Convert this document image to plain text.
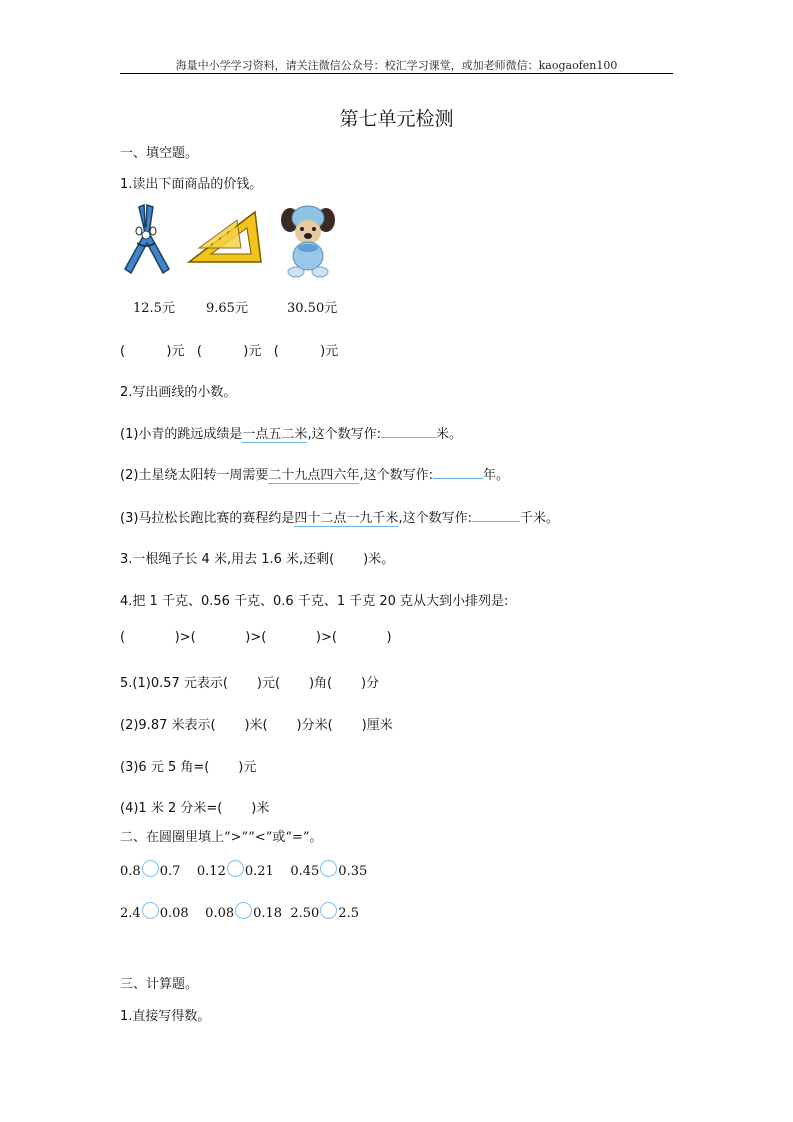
海量中小学学习资料，请关注微信公众号：校汇学习课堂，或加老师微信：kaogaofen100
第七单元检测
一、填空题。
1.读出下面商品的价钱。
12.5元 9.65元	30.50元
(          )元   (          )元   (          )元
2.写出画线的小数。
(1)小青的跳远成绩是一点五二米,这个数写作:	米。
(2)土星绕太阳转一周需要二十九点四六年,这个数写作:	年。
(3)马拉松长跑比赛的赛程约是四十二点一九千米,这个数写作:	千米。
3.一根绳子长 4 米,用去 1.6 米,还剩(       )米。
4.把 1 千克、0.56 千克、0.6 千克、1 千克 20 克从大到小排列是:
(            )>(            )>(            )>(            )
5.(1)0.57 元表示(       )元(       )角(       )分
(2)9.87 米表示(       )米(       )分米(       )厘米
(3)6 元 5 角=(       )元
(4)1 米 2 分米=(       )米
二、在圆圈里填上“>”“<”或“=”。
0.8 0.7 0.12 0.21 0.45 0.35
2.4 0.08 0.08 0.18 2.50 2.5
三、计算题。
1.直接写得数。
